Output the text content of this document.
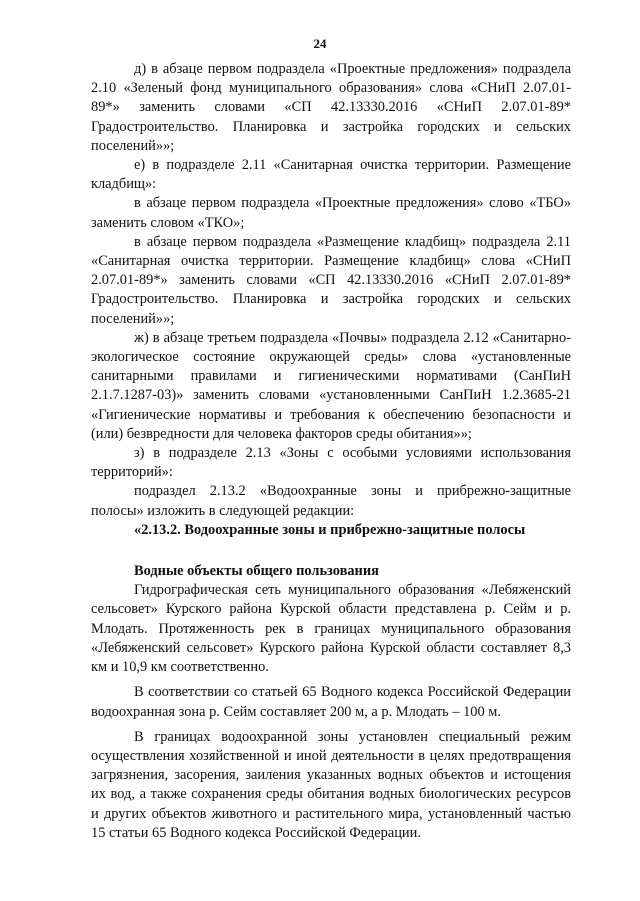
24

д) в абзаце первом подраздела «Проектные предложения» подраздела 2.10 «Зеленый фонд муниципального образования» слова «СНиП 2.07.01-89*» заменить словами «СП 42.13330.2016 «СНиП 2.07.01-89* Градостроительство. Планировка и застройка городских и сельских поселений»»;

е) в подразделе 2.11 «Санитарная очистка территории. Размещение кладбищ»:

в абзаце первом подраздела «Проектные предложения» слово «ТБО» заменить словом «ТКО»;

в абзаце первом подраздела «Размещение кладбищ» подраздела 2.11 «Санитарная очистка территории. Размещение кладбищ» слова «СНиП 2.07.01-89*» заменить словами «СП 42.13330.2016 «СНиП 2.07.01-89* Градостроительство. Планировка и застройка городских и сельских поселений»»;

ж) в абзаце третьем подраздела «Почвы» подраздела 2.12 «Санитарно-экологическое состояние окружающей среды» слова «установленные санитарными правилами и гигиеническими нормативами (СанПиН 2.1.7.1287-03)» заменить словами «установленными СанПиН 1.2.3685-21 «Гигиенические нормативы и требования к обеспечению безопасности и (или) безвредности для человека факторов среды обитания»»;

з) в подразделе 2.13 «Зоны с особыми условиями использования территорий»:

подраздел 2.13.2 «Водоохранные зоны и прибрежно-защитные полосы» изложить в следующей редакции:

«2.13.2. Водоохранные зоны и прибрежно-защитные полосы

Водные объекты общего пользования

Гидрографическая сеть муниципального образования «Лебяженский сельсовет» Курского района Курской области представлена р. Сейм и р. Млодать. Протяженность рек в границах муниципального образования «Лебяженский сельсовет» Курского района Курской области составляет 8,3 км и 10,9 км соответственно.

В соответствии со статьей 65 Водного кодекса Российской Федерации водоохранная зона р. Сейм составляет 200 м, а р. Млодать – 100 м.

В границах водоохранной зоны установлен специальный режим осуществления хозяйственной и иной деятельности в целях предотвращения загрязнения, засорения, заиления указанных водных объектов и истощения их вод, а также сохранения среды обитания водных биологических ресурсов и других объектов животного и растительного мира, установленный частью 15 статьи 65 Водного кодекса Российской Федерации.
